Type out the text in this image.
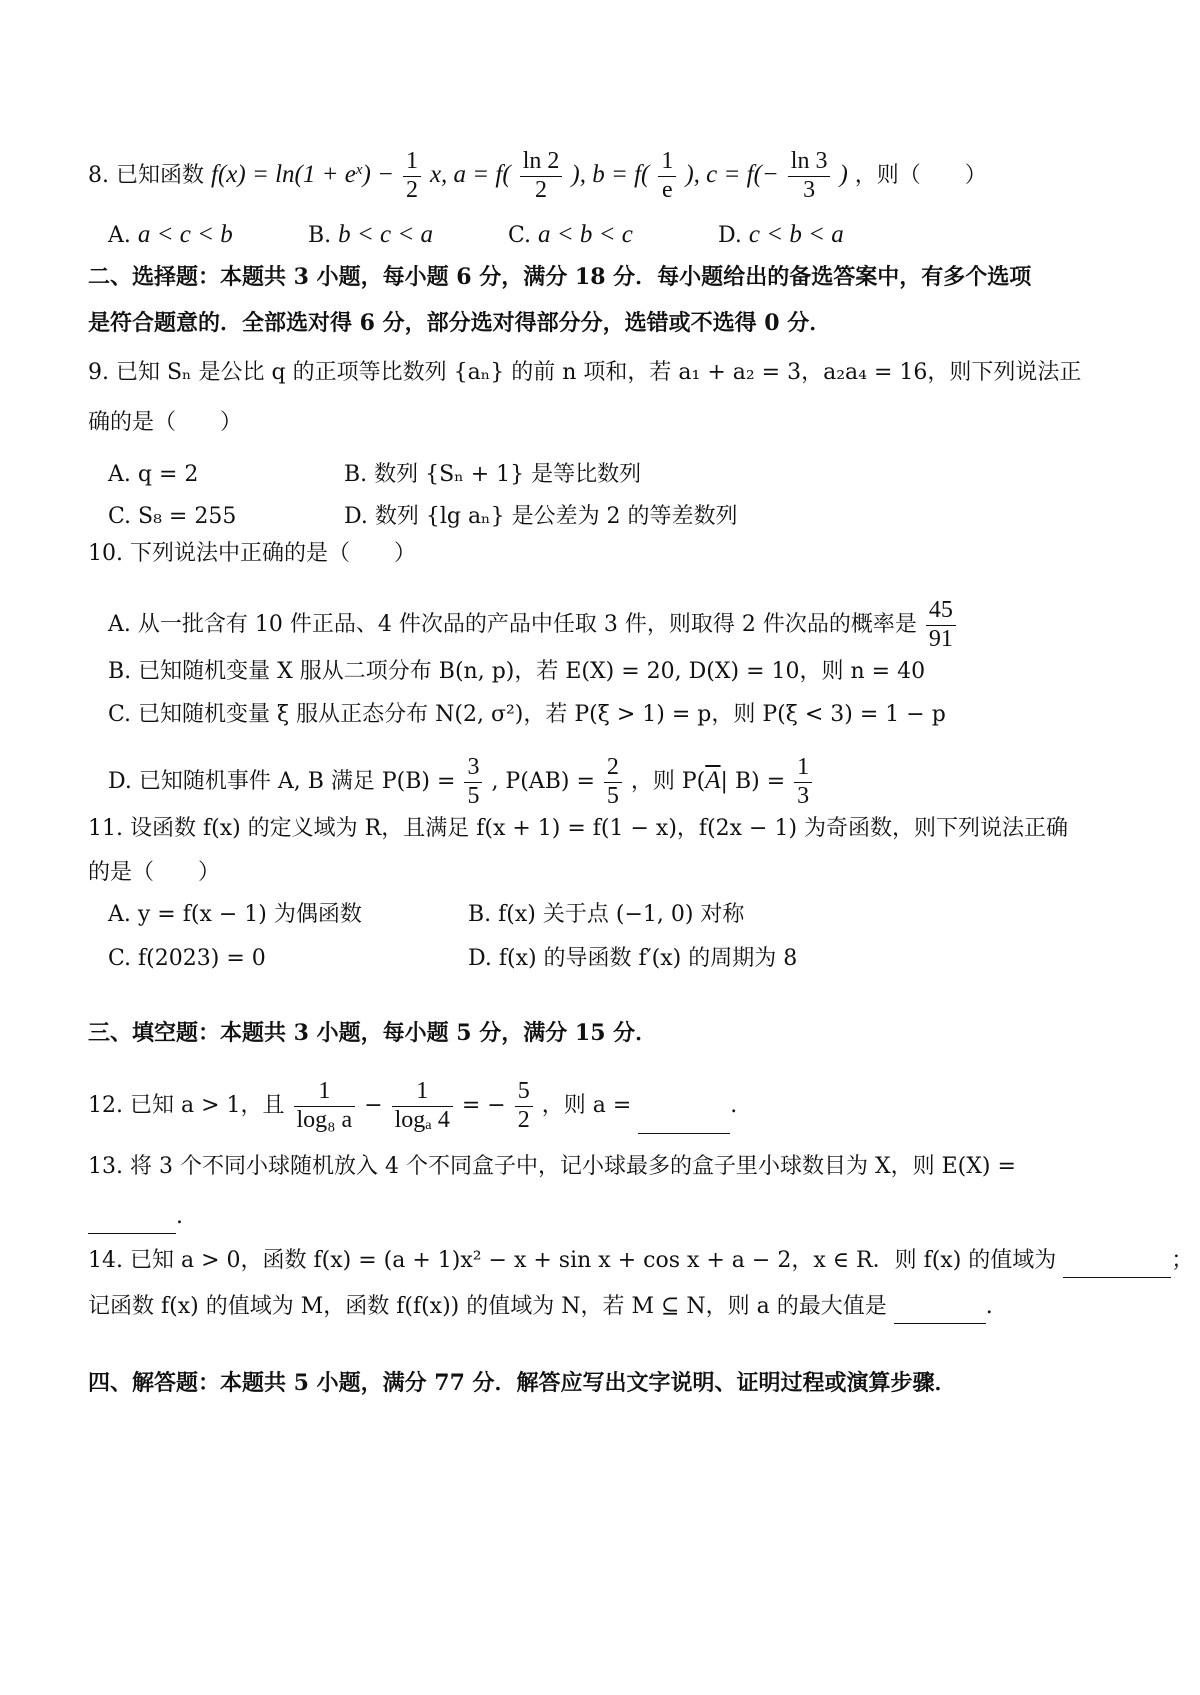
8. 已知函数 $f(x) = \ln(1 + e^x) - \frac{1}{2} x$, $a = f( \frac{\ln 2}{2}$ ), $b = f( \frac{1}{e}$ ), $c = f(- \frac{\ln 3}{3}$ ) ，则（　　）
A. a < c < b	B. b < c < a	C. a < b < c	D. c < b < a
二、选择题：本题共 3 小题，每小题 6 分，满分 18 分．每小题给出的备选答案中，有多个选项
是符合题意的．全部选对得 6 分，部分选对得部分分，选错或不选得 0 分．
9. 已知 Sₙ 是公比 q 的正项等比数列 {aₙ} 的前 n 项和，若 a₁ + a₂ = 3，a₂a₄ = 16，则下列说法正
确的是（　　）
A. q = 2	B. 数列 {Sₙ + 1} 是等比数列
C. S₈ = 255	D. 数列 {lg aₙ} 是公差为 2 的等差数列
10. 下列说法中正确的是（　　）
A. 从一批含有 10 件正品、4 件次品的产品中任取 3 件，则取得 2 件次品的概率是 $\frac{45}{91}$
B. 已知随机变量 X 服从二项分布 B(n, p)，若 E(X) = 20, D(X) = 10，则 n = 40
C. 已知随机变量 ξ 服从正态分布 N(2, σ²)，若 P(ξ > 1) = p，则 P(ξ < 3) = 1 − p
D. 已知随机事件 A, B 满足 $P(B) = \frac{3}{5}$ , $P(AB) = \frac{2}{5}$ ，则 $P(\overline{A}|$ $B) = \frac{1}{3}$
11. 设函数 f(x) 的定义域为 R，且满足 f(x + 1) = f(1 − x)，f(2x − 1) 为奇函数，则下列说法正确
的是（　　）
A. y = f(x − 1) 为偶函数	B. f(x) 关于点 (−1, 0) 对称
C. f(2023) = 0	D. f(x) 的导函数 f′(x) 的周期为 8
三、填空题：本题共 3 小题，每小题 5 分，满分 15 分．
12. 已知 a > 1，且 $\frac{1}{\text{log₈ a}} - \frac{1}{\text{logₐ 4}}$ = − $\frac{5}{2}$ ，则 a =	.
13. 将 3 个不同小球随机放入 4 个不同盒子中，记小球最多的盒子里小球数目为 X，则 E(X) =
.
14. 已知 a > 0，函数 f(x) = (a + 1)x² − x + sin x + cos x + a − 2，x ∈ R．则 f(x) 的值域为	；
记函数 f(x) 的值域为 M，函数 f(f(x)) 的值域为 N，若 M ⊆ N，则 a 的最大值是	.
四、解答题：本题共 5 小题，满分 77 分．解答应写出文字说明、证明过程或演算步骤．
